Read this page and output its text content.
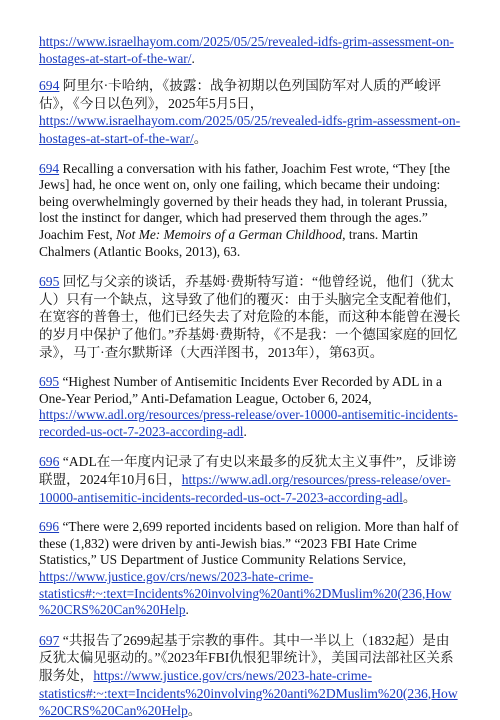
https://www.israelhayom.com/2025/05/25/revealed-idfs-grim-assessment-on-hostages-at-start-of-the-war/.

694 阿里尔·卡哈纳，《披露：战争初期以色列国防军对人质的严峻评估》，《今日以色列》，2025年5月5日，https://www.israelhayom.com/2025/05/25/revealed-idfs-grim-assessment-on-hostages-at-start-of-the-war/。

694 Recalling a conversation with his father, Joachim Fest wrote, “They [the Jews] had, he once went on, only one failing, which became their undoing: being overwhelmingly governed by their heads they had, in tolerant Prussia, lost the instinct for danger, which had preserved them through the ages.” Joachim Fest, Not Me: Memoirs of a German Childhood, trans. Martin Chalmers (Atlantic Books, 2013), 63.

695 回忆与父亲的谈话，乔基姆·费斯特写道：“他曾经说，他们（犹太人）只有一个缺点，这导致了他们的覆灭：由于头脑完全支配着他们，在宽容的普鲁士，他们已经失去了对危险的本能，而这种本能曾在漫长的岁月中保护了他们。”乔基姆·费斯特，《不是我：一个德国家庭的回忆录》，马丁·查尔默斯译（大西洋图书，2013年），第63页。

695 “Highest Number of Antisemitic Incidents Ever Recorded by ADL in a One-Year Period,” Anti-Defamation League, October 6, 2024, https://www.adl.org/resources/press-release/over-10000-antisemitic-incidents-recorded-us-oct-7-2023-according-adl.

696 “ADL在一年度内记录了有史以来最多的反犹太主义事件”，反诽谤联盟，2024年10月6日，https://www.adl.org/resources/press-release/over-10000-antisemitic-incidents-recorded-us-oct-7-2023-according-adl。

696 “There were 2,699 reported incidents based on religion. More than half of these (1,832) were driven by anti-Jewish bias.” “2023 FBI Hate Crime Statistics,” US Department of Justice Community Relations Service, https://www.justice.gov/crs/news/2023-hate-crime-statistics#:~:text=Incidents%20involving%20anti%2DMuslim%20(236,How%20CRS%20Can%20Help.

697 “共报告了2699起基于宗教的事件。其中一半以上（1832起）是由反犹太偏见驱动的。”《2023年FBI仇恨犯罪统计》，美国司法部社区关系服务处，https://www.justice.gov/crs/news/2023-hate-crime-statistics#:~:text=Incidents%20involving%20anti%2DMuslim%20(236,How%20CRS%20Can%20Help。
